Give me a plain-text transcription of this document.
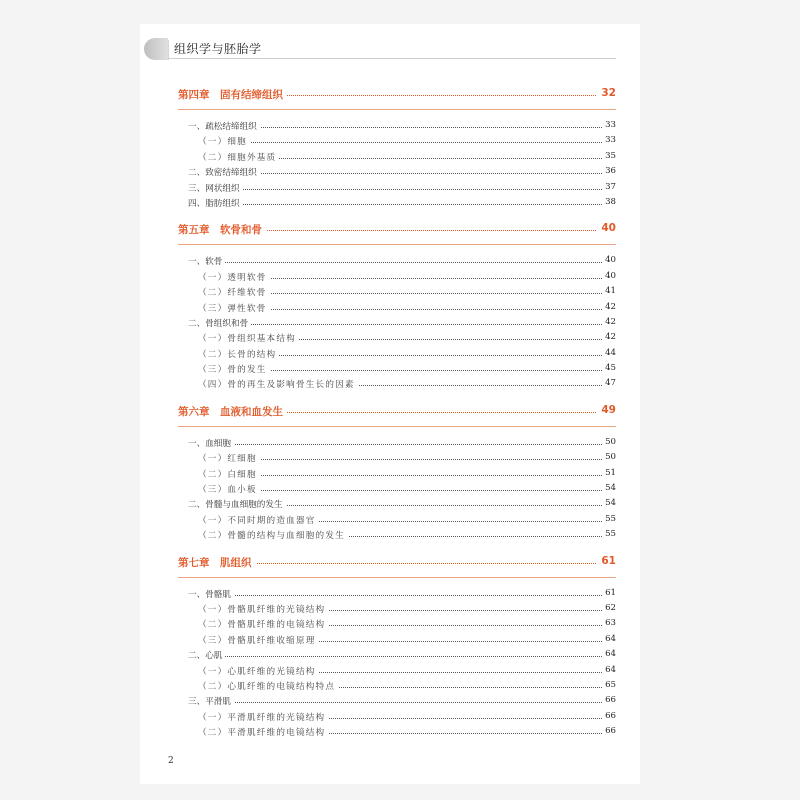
组织学与胚胎学
第四章　固有结缔组织	32
一、疏松结缔组织	33
（一）细胞	33
（二）细胞外基质	35
二、致密结缔组织	36
三、网状组织	37
四、脂肪组织	38
第五章　软骨和骨	40
一、软骨	40
（一）透明软骨	40
（二）纤维软骨	41
（三）弹性软骨	42
二、骨组织和骨	42
（一）骨组织基本结构	42
（二）长骨的结构	44
（三）骨的发生	45
（四）骨的再生及影响骨生长的因素	47
第六章　血液和血发生	49
一、血细胞	50
（一）红细胞	50
（二）白细胞	51
（三）血小板	54
二、骨髓与血细胞的发生	54
（一）不同时期的造血器官	55
（二）骨髓的结构与血细胞的发生	55
第七章　肌组织	61
一、骨骼肌	61
（一）骨骼肌纤维的光镜结构	62
（二）骨骼肌纤维的电镜结构	63
（三）骨骼肌纤维收缩原理	64
二、心肌	64
（一）心肌纤维的光镜结构	64
（二）心肌纤维的电镜结构特点	65
三、平滑肌	66
（一）平滑肌纤维的光镜结构	66
（二）平滑肌纤维的电镜结构	66
2
